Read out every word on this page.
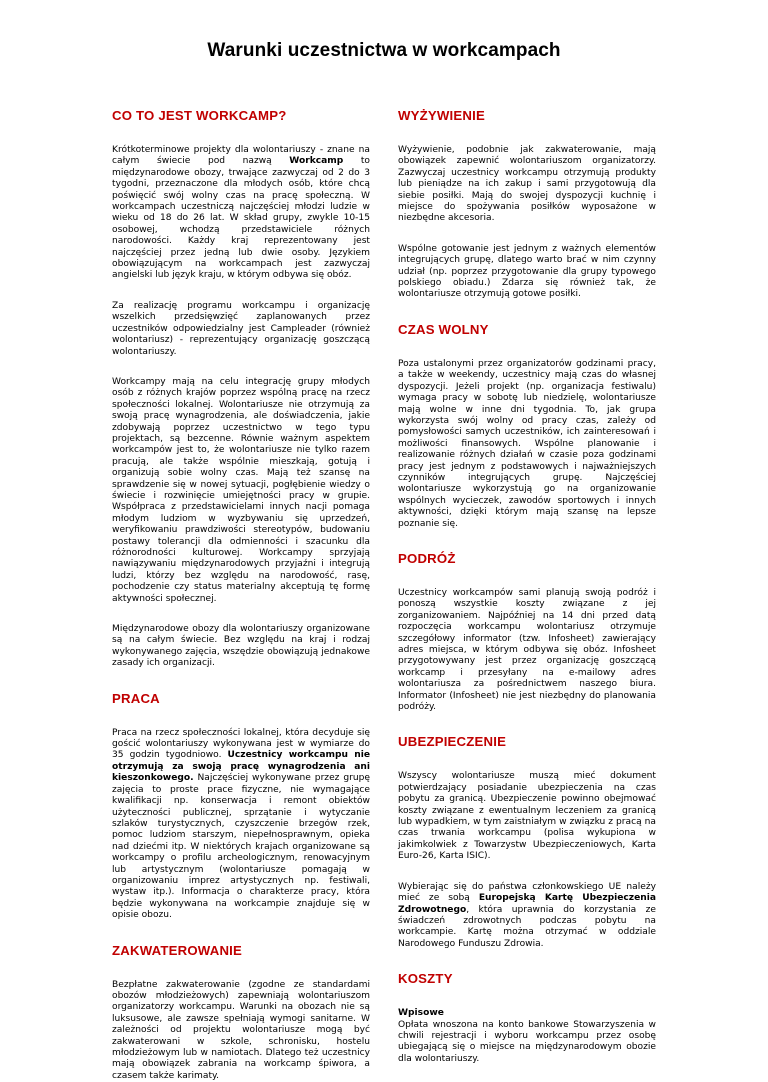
Warunki uczestnictwa w workcampach
CO TO JEST WORKCAMP?

Krótkoterminowe projekty dla wolontariuszy - znane na całym świecie pod nazwą Workcamp to międzynarodowe obozy, trwające zazwyczaj od 2 do 3 tygodni, przeznaczone dla młodych osób, które chcą poświęcić swój wolny czas na pracę społeczną. W workcampach uczestniczą najczęściej młodzi ludzie w wieku od 18 do 26 lat. W skład grupy, zwykle 10-15 osobowej, wchodzą przedstawiciele różnych narodowości. Każdy kraj reprezentowany jest najczęściej przez jedną lub dwie osoby. Językiem obowiązującym na workcampach jest zazwyczaj angielski lub język kraju, w którym odbywa się obóz.

Za realizację programu workcampu i organizację wszelkich przedsięwzięć zaplanowanych przez uczestników odpowiedzialny jest Campleader (również wolontariusz) - reprezentujący organizację goszczącą wolontariuszy.

Workcampy mają na celu integrację grupy młodych osób z różnych krajów poprzez wspólną pracę na rzecz społeczności lokalnej. Wolontariusze nie otrzymują za swoją pracę wynagrodzenia, ale doświadczenia, jakie zdobywają poprzez uczestnictwo w tego typu projektach, są bezcenne. Równie ważnym aspektem workcampów jest to, że wolontariusze nie tylko razem pracują, ale także wspólnie mieszkają, gotują i organizują sobie wolny czas. Mają też szansę na sprawdzenie się w nowej sytuacji, pogłębienie wiedzy o świecie i rozwinięcie umiejętności pracy w grupie. Współpraca z przedstawicielami innych nacji pomaga młodym ludziom w wyzbywaniu się uprzedzeń, weryfikowaniu prawdziwości stereotypów, budowaniu postawy tolerancji dla odmienności i szacunku dla różnorodności kulturowej. Workcampy sprzyjają nawiązywaniu międzynarodowych przyjaźni i integrują ludzi, którzy bez względu na narodowość, rasę, pochodzenie czy status materialny akceptują tę formę aktywności społecznej.

Międzynarodowe obozy dla wolontariuszy organizowane są na całym świecie. Bez względu na kraj i rodzaj wykonywanego zajęcia, wszędzie obowiązują jednakowe zasady ich organizacji.

PRACA

Praca na rzecz społeczności lokalnej, która decyduje się gościć wolontariuszy wykonywana jest w wymiarze do 35 godzin tygodniowo. Uczestnicy workcampu nie otrzymują za swoją pracę wynagrodzenia ani kieszonkowego. Najczęściej wykonywane przez grupę zajęcia to proste prace fizyczne, nie wymagające kwalifikacji np. konserwacja i remont obiektów użyteczności publicznej, sprzątanie i wytyczanie szlaków turystycznych, czyszczenie brzegów rzek, pomoc ludziom starszym, niepełnosprawnym, opieka nad dziećmi itp. W niektórych krajach organizowane są workcampy o profilu archeologicznym, renowacyjnym lub artystycznym (wolontariusze pomagają w organizowaniu imprez artystycznych np. festiwali, wystaw itp.). Informacja o charakterze pracy, która będzie wykonywana na workcampie znajduje się w opisie obozu.

ZAKWATEROWANIE

Bezpłatne zakwaterowanie (zgodne ze standardami obozów młodzieżowych) zapewniają wolontariuszom organizatorzy workcampu. Warunki na obozach nie są luksusowe, ale zawsze spełniają wymogi sanitarne. W zależności od projektu wolontariusze mogą być zakwaterowani w szkole, schronisku, hostelu młodzieżowym lub w namiotach. Dlatego też uczestnicy mają obowiązek zabrania na workcamp śpiwora, a czasem także karimaty.

WYŻYWIENIE

Wyżywienie, podobnie jak zakwaterowanie, mają obowiązek zapewnić wolontariuszom organizatorzy. Zazwyczaj uczestnicy workcampu otrzymują produkty lub pieniądze na ich zakup i sami przygotowują dla siebie posiłki. Mają do swojej dyspozycji kuchnię i miejsce do spożywania posiłków wyposażone w niezbędne akcesoria.

Wspólne gotowanie jest jednym z ważnych elementów integrujących grupę, dlatego warto brać w nim czynny udział (np. poprzez przygotowanie dla grupy typowego polskiego obiadu.) Zdarza się również tak, że wolontariusze otrzymują gotowe posiłki.

CZAS WOLNY

Poza ustalonymi przez organizatorów godzinami pracy, a także w weekendy, uczestnicy mają czas do własnej dyspozycji. Jeżeli projekt (np. organizacja festiwalu) wymaga pracy w sobotę lub niedzielę, wolontariusze mają wolne w inne dni tygodnia. To, jak grupa wykorzysta swój wolny od pracy czas, zależy od pomysłowości samych uczestników, ich zainteresowań i możliwości finansowych. Wspólne planowanie i realizowanie różnych działań w czasie poza godzinami pracy jest jednym z podstawowych i najważniejszych czynników integrujących grupę. Najczęściej wolontariusze wykorzystują go na organizowanie wspólnych wycieczek, zawodów sportowych i innych aktywności, dzięki którym mają szansę na lepsze poznanie się.

PODRÓŻ

Uczestnicy workcampów sami planują swoją podróż i ponoszą wszystkie koszty związane z jej zorganizowaniem. Najpóźniej na 14 dni przed datą rozpoczęcia workcampu wolontariusz otrzymuje szczegółowy informator (tzw. Infosheet) zawierający adres miejsca, w którym odbywa się obóz. Infosheet przygotowywany jest przez organizację goszczącą workcamp i przesyłany na e-mailowy adres wolontariusza za pośrednictwem naszego biura. Informator (Infosheet) nie jest niezbędny do planowania podróży.

UBEZPIECZENIE

Wszyscy wolontariusze muszą mieć dokument potwierdzający posiadanie ubezpieczenia na czas pobytu za granicą. Ubezpieczenie powinno obejmować koszty związane z ewentualnym leczeniem za granicą lub wypadkiem, w tym zaistniałym w związku z pracą na czas trwania workcampu (polisa wykupiona w jakimkolwiek z Towarzystw Ubezpieczeniowych, Karta Euro-26, Karta ISIC).

Wybierając się do państwa członkowskiego UE należy mieć ze sobą Europejską Kartę Ubezpieczenia Zdrowotnego, która uprawnia do korzystania ze świadczeń zdrowotnych podczas pobytu na workcampie. Kartę można otrzymać w oddziale Narodowego Funduszu Zdrowia.

KOSZTY

Wpisowe

Opłata wnoszona na konto bankowe Stowarzyszenia w chwili rejestracji i wyboru workcampu przez osobę ubiegającą się o miejsce na międzynarodowym obozie dla wolontariuszy.
